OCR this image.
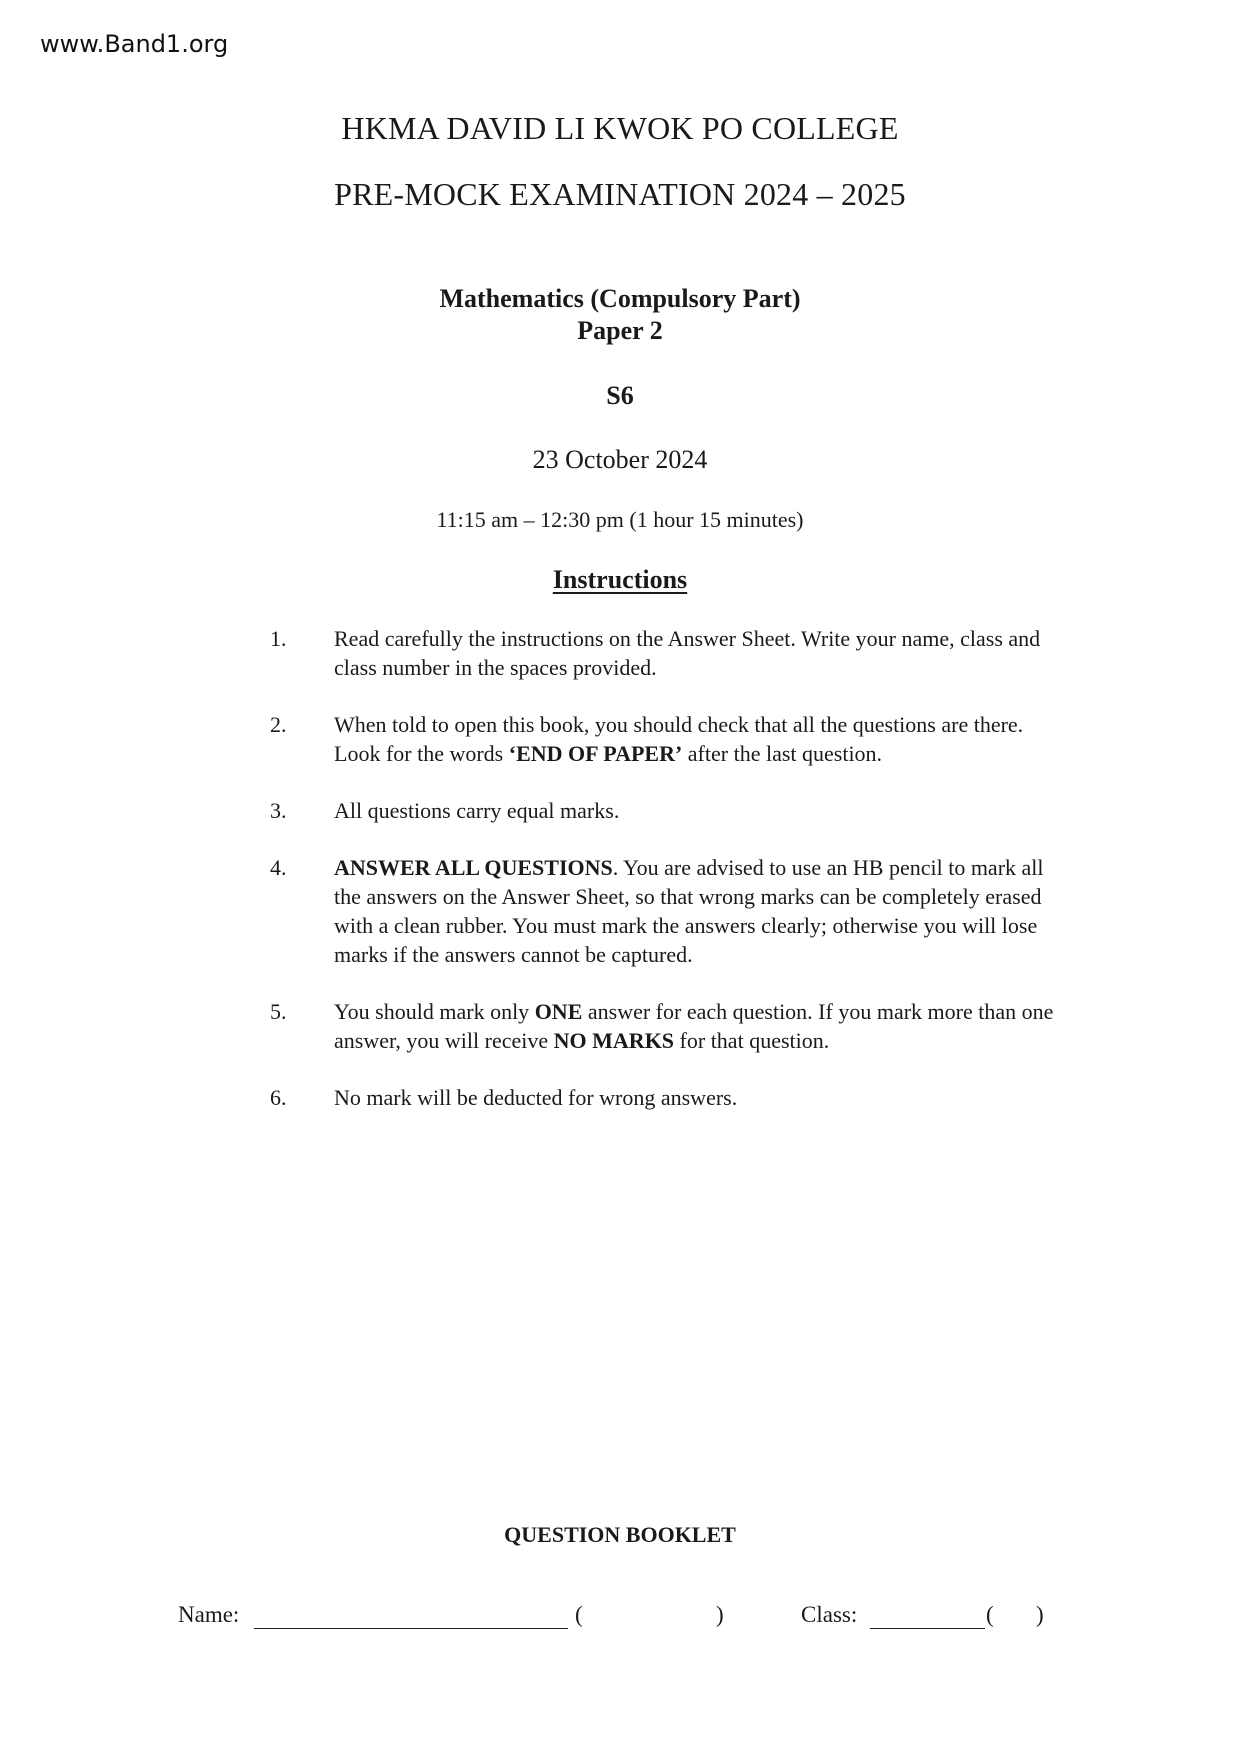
www.Band1.org
HKMA DAVID LI KWOK PO COLLEGE
PRE-MOCK EXAMINATION 2024 – 2025
Mathematics (Compulsory Part)
Paper 2
S6
23 October 2024
11:15 am – 12:30 pm (1 hour 15 minutes)
Instructions
1.	Read carefully the instructions on the Answer Sheet. Write your name, class and class number in the spaces provided.
2.	When told to open this book, you should check that all the questions are there. Look for the words ‘END OF PAPER’ after the last question.
3.	All questions carry equal marks.
4.	ANSWER ALL QUESTIONS. You are advised to use an HB pencil to mark all the answers on the Answer Sheet, so that wrong marks can be completely erased with a clean rubber. You must mark the answers clearly; otherwise you will lose marks if the answers cannot be captured.
5.	You should mark only ONE answer for each question. If you mark more than one answer, you will receive NO MARKS for that question.
6.	No mark will be deducted for wrong answers.
QUESTION BOOKLET
Name:	(	)	Class:	( )
